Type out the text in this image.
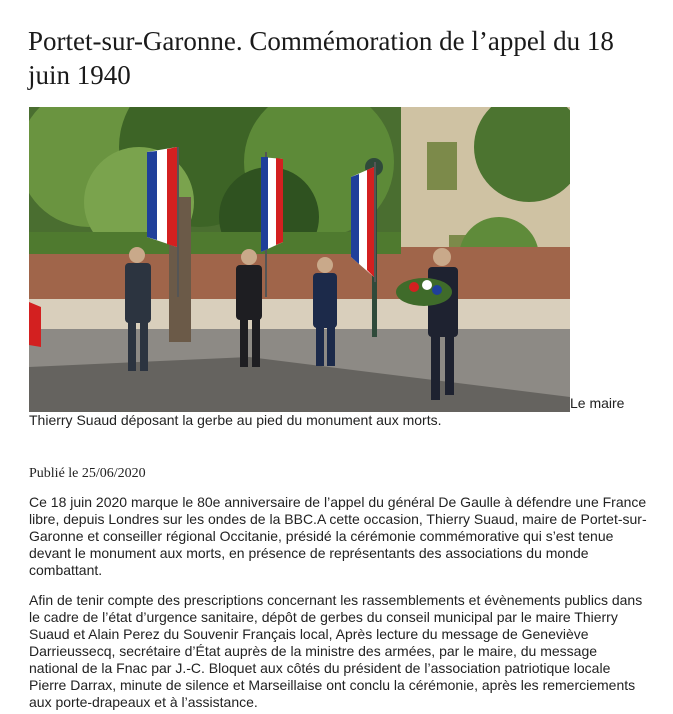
Portet-sur-Garonne. Commémoration de l’appel du 18 juin 1940
Le maire Thierry Suaud déposant la gerbe au pied du monument aux morts.

Publié le 25/06/2020

Ce 18 juin 2020 marque le 80e anniversaire de l’appel du général De Gaulle à défendre une France libre, depuis Londres sur les ondes de la BBC.A cette occasion, Thierry Suaud, maire de Portet-sur-Garonne et conseiller régional Occitanie, présidé la cérémonie commémorative qui s’est tenue devant le monument aux morts, en présence de représentants des associations du monde combattant.

Afin de tenir compte des prescriptions concernant les rassemblements et évènements publics dans le cadre de l’état d’urgence sanitaire, dépôt de gerbes du conseil municipal par le maire Thierry Suaud et Alain Perez du Souvenir Français local, Après lecture du message de Geneviève Darrieussecq, secrétaire d’État auprès de la ministre des armées, par le maire, du message national de la Fnac par J.-C. Bloquet aux côtés du président de l’association patriotique locale Pierre Darrax, minute de silence et Marseillaise ont conclu la cérémonie, après les remerciements aux porte-drapeaux et à l’assistance.
